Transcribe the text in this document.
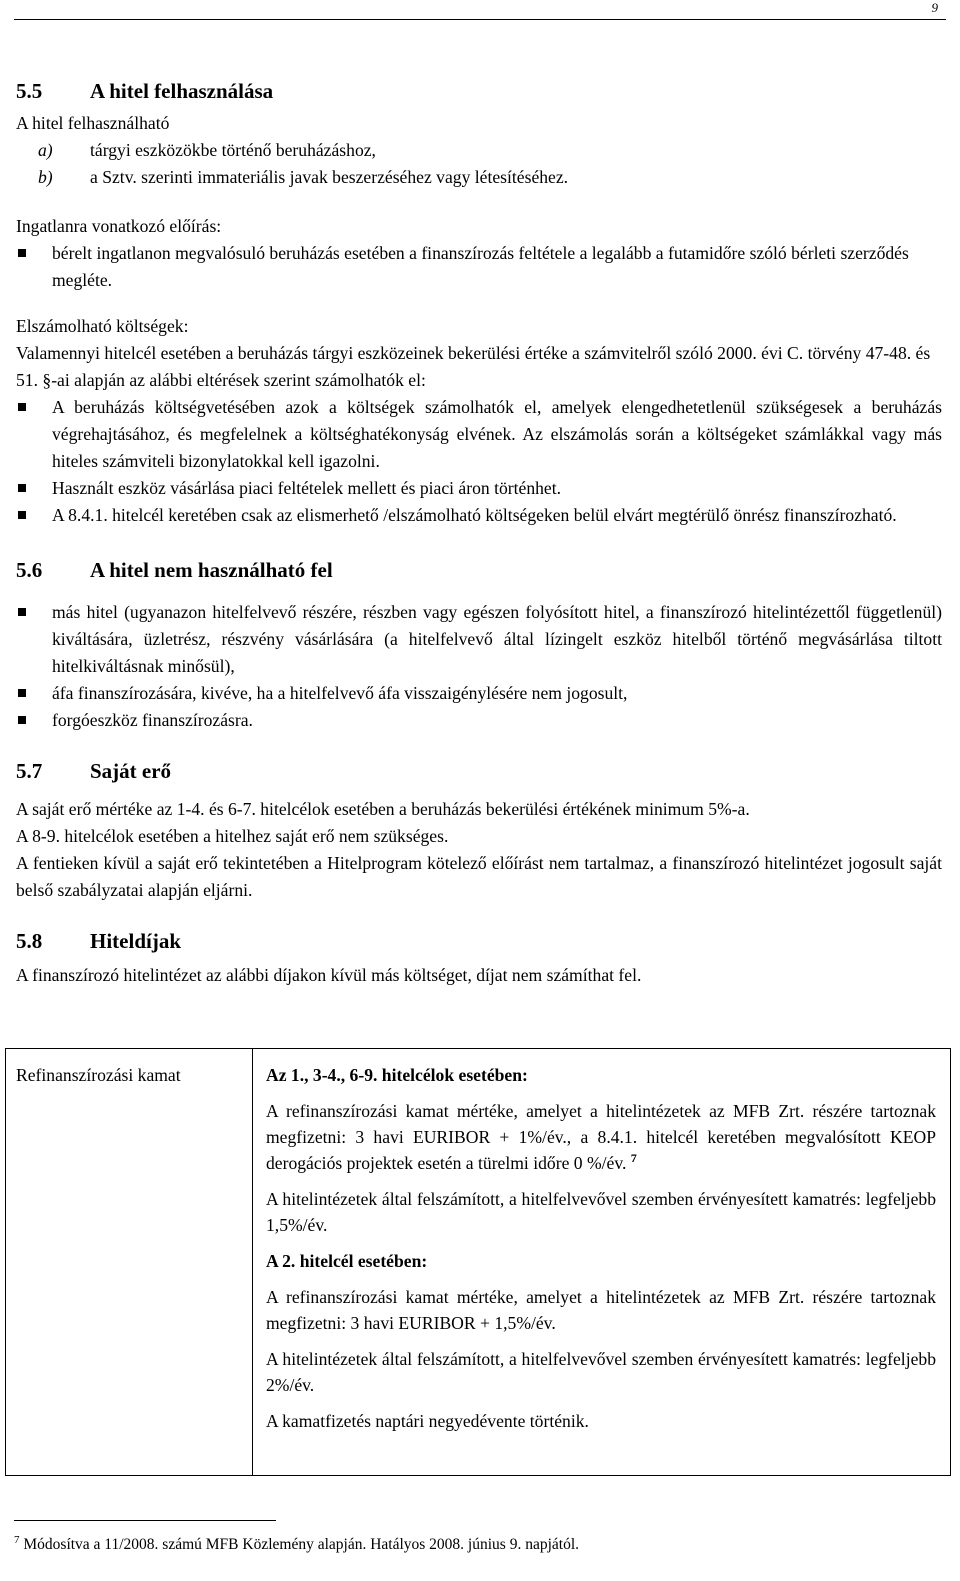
9
5.5 A hitel felhasználása

A hitel felhasználható

a)	tárgyi eszközökbe történő beruházáshoz,
b)	a Sztv. szerinti immateriális javak beszerzéséhez vagy létesítéséhez.

Ingatlanra vonatkozó előírás:

bérelt ingatlanon megvalósuló beruházás esetében a finanszírozás feltétele a legalább a futamidőre szóló bérleti szerződés megléte.

Elszámolható költségek:

Valamennyi hitelcél esetében a beruházás tárgyi eszközeinek bekerülési értéke a számvitelről szóló 2000. évi C. törvény 47-48. és 51. §-ai alapján az alábbi eltérések szerint számolhatók el:

A beruházás költségvetésében azok a költségek számolhatók el, amelyek elengedhetetlenül szükségesek a beruházás végrehajtásához, és megfelelnek a költséghatékonyság elvének. Az elszámolás során a költségeket számlákkal vagy más hiteles számviteli bizonylatokkal kell igazolni.
Használt eszköz vásárlása piaci feltételek mellett és piaci áron történhet.
A 8.4.1. hitelcél keretében csak az elismerhető /elszámolható költségeken belül elvárt megtérülő önrész finanszírozható.
5.6 A hitel nem használható fel
más hitel (ugyanazon hitelfelvevő részére, részben vagy egészen folyósított hitel, a finanszírozó hitelintézettől függetlenül) kiváltására, üzletrész, részvény vásárlására (a hitelfelvevő által lízingelt eszköz hitelből történő megvásárlása tiltott hitelkiváltásnak minősül),
áfa finanszírozására, kivéve, ha a hitelfelvevő áfa visszaigénylésére nem jogosult,
forgóeszköz finanszírozásra.
5.7 Saját erő

A saját erő mértéke az 1-4. és 6-7. hitelcélok esetében a beruházás bekerülési értékének minimum 5%-a.

A 8-9. hitelcélok esetében a hitelhez saját erő nem szükséges.

A fentieken kívül a saját erő tekintetében a Hitelprogram kötelező előírást nem tartalmaz, a finanszírozó hitelintézet jogosult saját belső szabályzatai alapján eljárni.

5.8 Hiteldíjak

A finanszírozó hitelintézet az alábbi díjakon kívül más költséget, díjat nem számíthat fel.

Refinanszírozási kamat	Az 1., 3-4., 6-9. hitelcélok esetében:
A refinanszírozási kamat mértéke, amelyet a hitelintézetek az MFB Zrt. részére tartoznak megfizetni: 3 havi EURIBOR + 1%/év., a 8.4.1. hitelcél keretében megvalósított KEOP derogációs projektek esetén a türelmi időre 0 %/év. $^7$
A hitelintézetek által felszámított, a hitelfelvevővel szemben érvényesített kamatrés: legfeljebb 1,5%/év.
A 2. hitelcél esetében:
A refinanszírozási kamat mértéke, amelyet a hitelintézetek az MFB Zrt. részére tartoznak megfizetni: 3 havi EURIBOR + 1,5%/év.
A hitelintézetek által felszámított, a hitelfelvevővel szemben érvényesített kamatrés: legfeljebb 2%/év.
A kamatfizetés naptári negyedévente történik.
$^7$ Módosítva a 11/2008. számú MFB Közlemény alapján. Hatályos 2008. június 9. napjától.
